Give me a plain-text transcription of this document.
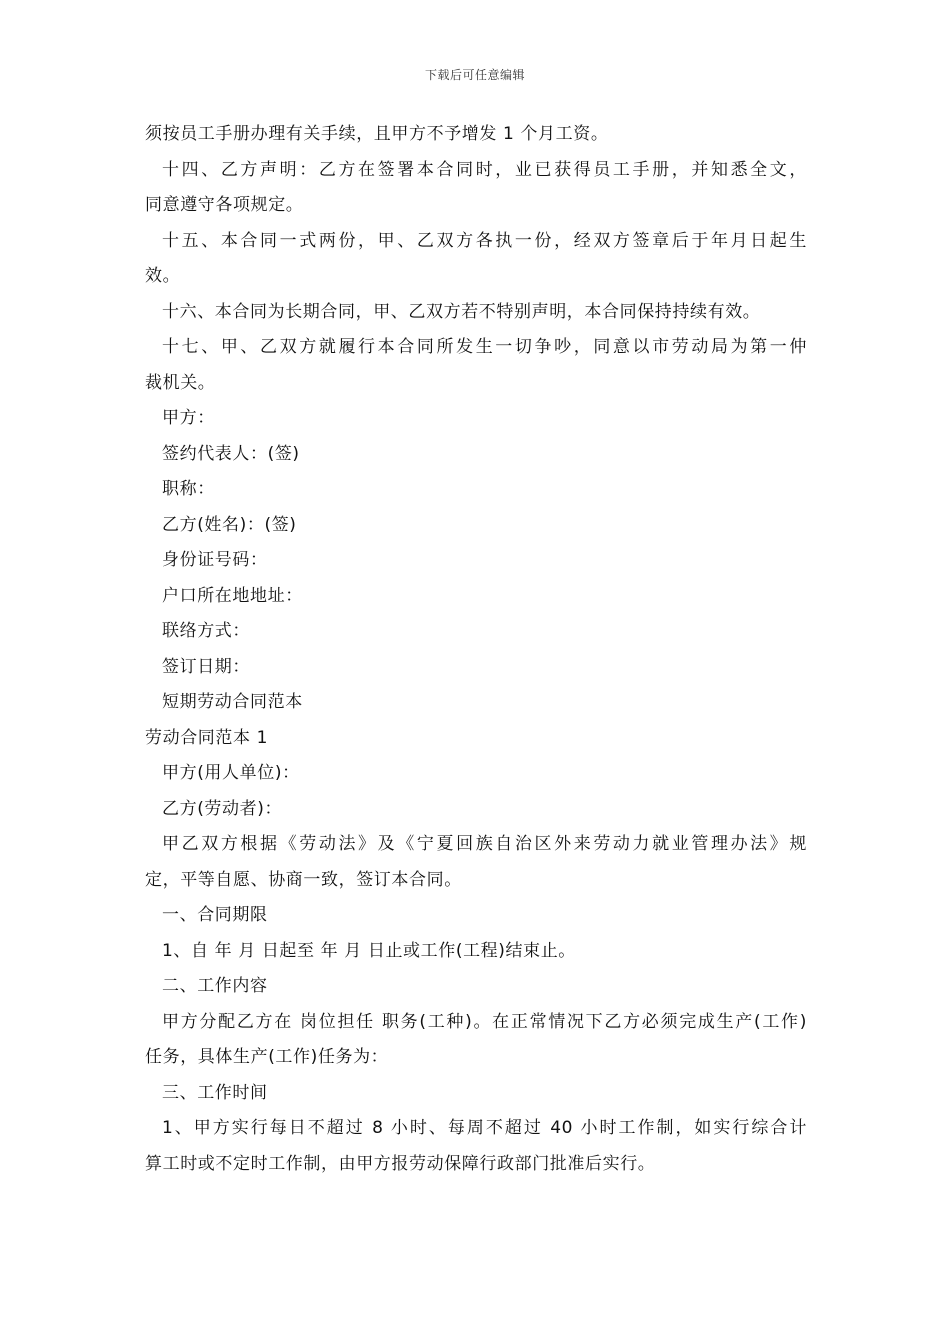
下载后可任意编辑
须按员工手册办理有关手续，且甲方不予增发 1 个月工资。
十四、乙方声明：乙方在签署本合同时，业已获得员工手册，并知悉全文，
同意遵守各项规定。
十五、本合同一式两份，甲、乙双方各执一份，经双方签章后于年月日起生
效。
十六、本合同为长期合同，甲、乙双方若不特别声明，本合同保持持续有效。
十七、甲、乙双方就履行本合同所发生一切争吵，同意以市劳动局为第一仲
裁机关。
甲方：
签约代表人：(签)
职称：
乙方(姓名)：(签)
身份证号码：
户口所在地地址：
联络方式：
签订日期：
短期劳动合同范本
劳动合同范本 1
甲方(用人单位)：
乙方(劳动者)：
甲乙双方根据《劳动法》及《宁夏回族自治区外来劳动力就业管理办法》规
定，平等自愿、协商一致，签订本合同。
一、合同期限
1、自 年 月 日起至 年 月 日止或工作(工程)结束止。
二、工作内容
甲方分配乙方在 岗位担任 职务(工种)。在正常情况下乙方必须完成生产(工作)
任务，具体生产(工作)任务为：
三、工作时间
1、甲方实行每日不超过 8 小时、每周不超过 40 小时工作制，如实行综合计
算工时或不定时工作制，由甲方报劳动保障行政部门批准后实行。
